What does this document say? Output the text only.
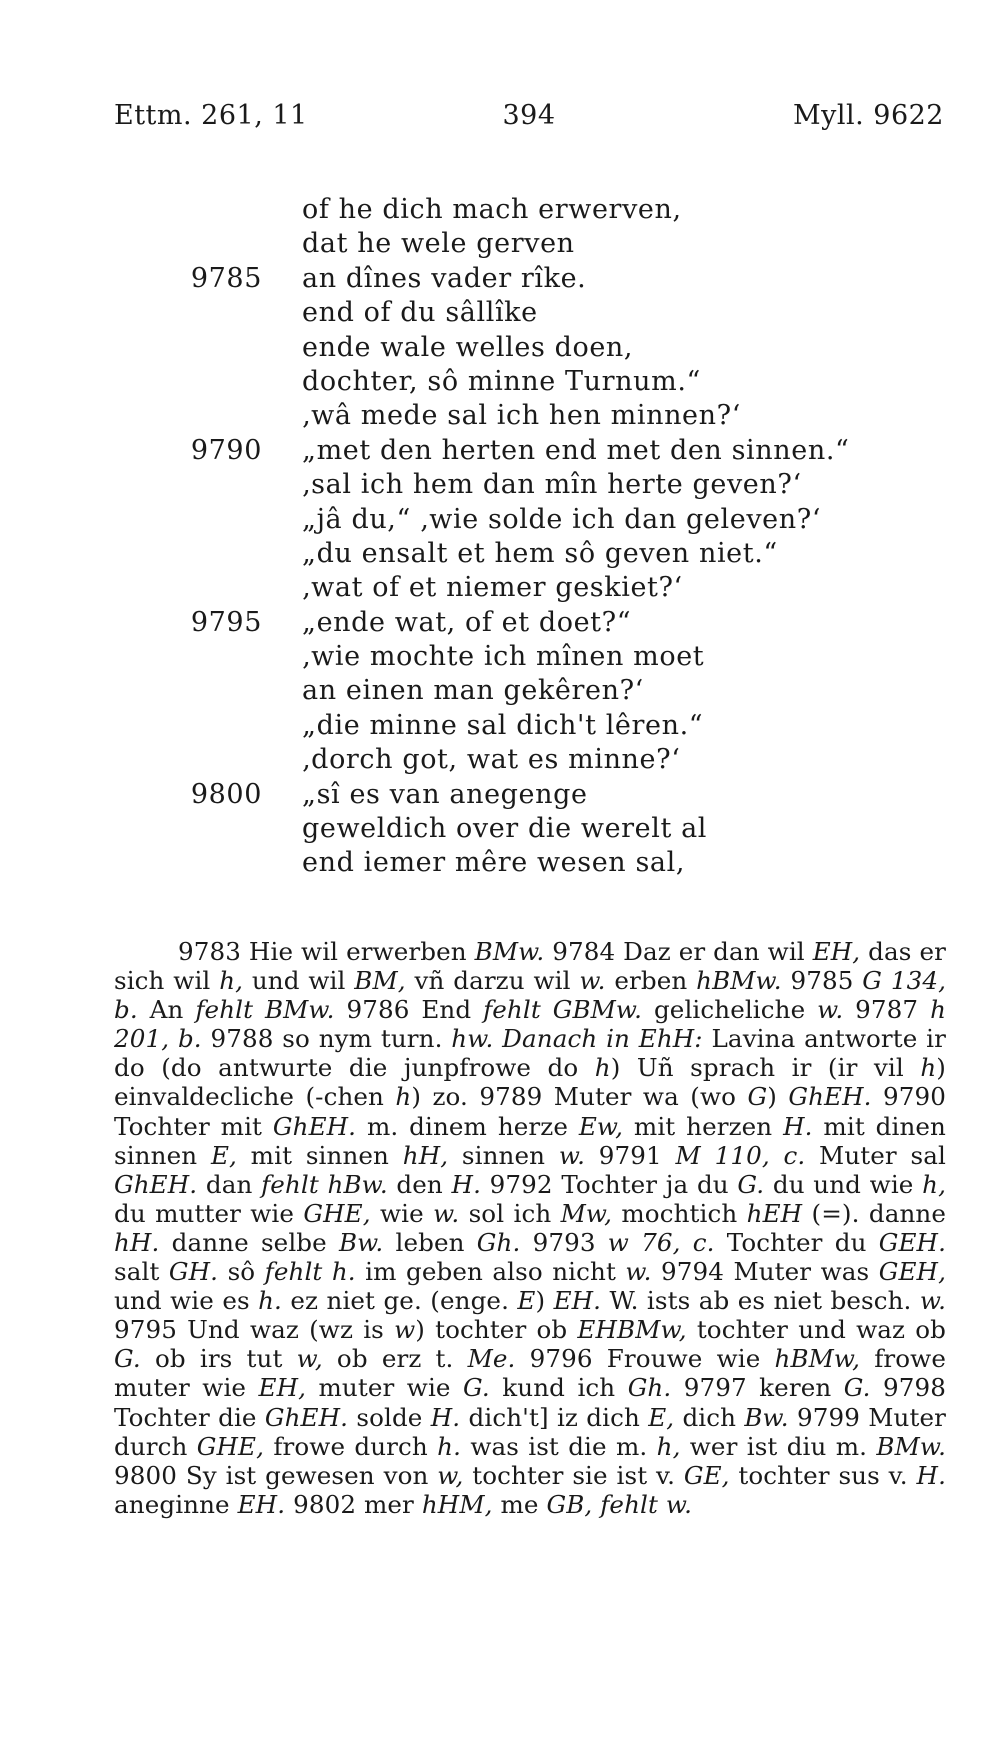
Ettm. 261, 11	394	Myll. 9622
of he dich mach erwerven,
dat he wele gerven
9785 an dînes vader rîke.
end of du sâllîke
ende wale welles doen,
dochter, sô minne Turnum.“
‚wâ mede sal ich hen minnen?‘
9790 „met den herten end met den sinnen.“
‚sal ich hem dan mîn herte geven?‘
„jâ du,“ ‚wie solde ich dan geleven?‘
„du ensalt et hem sô geven niet.“
‚wat of et niemer geskiet?‘
9795 „ende wat, of et doet?“
‚wie mochte ich mînen moet
an einen man gekêren?‘
„die minne sal dich't lêren.“
‚dorch got, wat es minne?‘
9800 „sî es van anegenge
geweldich over die werelt al
end iemer mêre wesen sal,

9783 Hie wil erwerben BMw. 9784 Daz er dan wil EH, das er sich wil h, und wil BM, vñ darzu wil w. erben hBMw. 9785 G 134, b. An fehlt BMw. 9786 End fehlt GBMw. gelicheliche w. 9787 h 201, b. 9788 so nym turn. hw. Danach in EhH: Lavina antworte ir do (do antwurte die junpfrowe do h) Uñ sprach ir (ir vil h) einvaldecliche (-chen h) zo. 9789 Muter wa (wo G) GhEH. 9790 Tochter mit GhEH. m. dinem herze Ew, mit herzen H. mit dinen sinnen E, mit sinnen hH, sinnen w. 9791 M 110, c. Muter sal GhEH. dan fehlt hBw. den H. 9792 Tochter ja du G. du und wie h, du mutter wie GHE, wie w. sol ich Mw, mochtich hEH (=). danne hH. danne selbe Bw. leben Gh. 9793 w 76, c. Tochter du GEH. salt GH. sô fehlt h. im geben also nicht w. 9794 Muter was GEH, und wie es h. ez niet ge. (enge. E) EH. W. ists ab es niet besch. w. 9795 Und waz (wz is w) tochter ob EHBMw, tochter und waz ob G. ob irs tut w, ob erz t. Me. 9796 Frouwe wie hBMw, frowe muter wie EH, muter wie G. kund ich Gh. 9797 keren G. 9798 Tochter die GhEH. solde H. dich't] iz dich E, dich Bw. 9799 Muter durch GHE, frowe durch h. was ist die m. h, wer ist diu m. BMw. 9800 Sy ist gewesen von w, tochter sie ist v. GE, tochter sus v. H. aneginne EH. 9802 mer hHM, me GB, fehlt w.
